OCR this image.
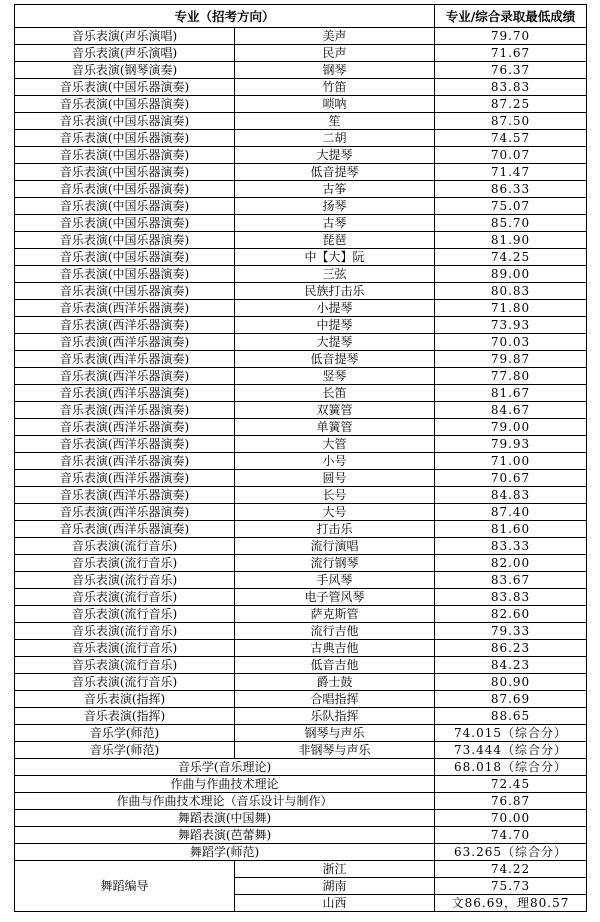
专业（招考方向）		专业/综合录取最低成绩
音乐表演(声乐演唱)	美声	79.70
音乐表演(声乐演唱)	民声	71.67
音乐表演(钢琴演奏)	钢琴	76.37
音乐表演(中国乐器演奏)	竹笛	83.83
音乐表演(中国乐器演奏)	唢呐	87.25
音乐表演(中国乐器演奏)	笙	87.50
音乐表演(中国乐器演奏)	二胡	74.57
音乐表演(中国乐器演奏)	大提琴	70.07
音乐表演(中国乐器演奏)	低音提琴	71.47
音乐表演(中国乐器演奏)	古筝	86.33
音乐表演(中国乐器演奏)	扬琴	75.07
音乐表演(中国乐器演奏)	古琴	85.70
音乐表演(中国乐器演奏)	琵琶	81.90
音乐表演(中国乐器演奏)	中【大】阮	74.25
音乐表演(中国乐器演奏)	三弦	89.00
音乐表演(中国乐器演奏)	民族打击乐	80.83
音乐表演(西洋乐器演奏)	小提琴	71.80
音乐表演(西洋乐器演奏)	中提琴	73.93
音乐表演(西洋乐器演奏)	大提琴	70.03
音乐表演(西洋乐器演奏)	低音提琴	79.87
音乐表演(西洋乐器演奏)	竖琴	77.80
音乐表演(西洋乐器演奏)	长笛	81.67
音乐表演(西洋乐器演奏)	双簧管	84.67
音乐表演(西洋乐器演奏)	单簧管	79.00
音乐表演(西洋乐器演奏)	大管	79.93
音乐表演(西洋乐器演奏)	小号	71.00
音乐表演(西洋乐器演奏)	圆号	70.67
音乐表演(西洋乐器演奏)	长号	84.83
音乐表演(西洋乐器演奏)	大号	87.40
音乐表演(西洋乐器演奏)	打击乐	81.60
音乐表演(流行音乐)	流行演唱	83.33
音乐表演(流行音乐)	流行钢琴	82.00
音乐表演(流行音乐)	手风琴	83.67
音乐表演(流行音乐)	电子管风琴	83.83
音乐表演(流行音乐)	萨克斯管	82.60
音乐表演(流行音乐)	流行吉他	79.33
音乐表演(流行音乐)	古典吉他	86.23
音乐表演(流行音乐)	低音吉他	84.23
音乐表演(流行音乐)	爵士鼓	80.90
音乐表演(指挥)	合唱指挥	87.69
音乐表演(指挥)	乐队指挥	88.65
音乐学(师范)	钢琴与声乐	74.015（综合分）
音乐学(师范)	非钢琴与声乐	73.444（综合分）
音乐学(音乐理论)		68.018（综合分）
作曲与作曲技术理论		72.45
作曲与作曲技术理论（音乐设计与制作）		76.87
舞蹈表演(中国舞)		70.00
舞蹈表演(芭蕾舞)		74.70
舞蹈学(师范)		63.265（综合分）
舞蹈编导	浙江	74.22
	湖南	75.73
	山西	文86.69，理80.57
